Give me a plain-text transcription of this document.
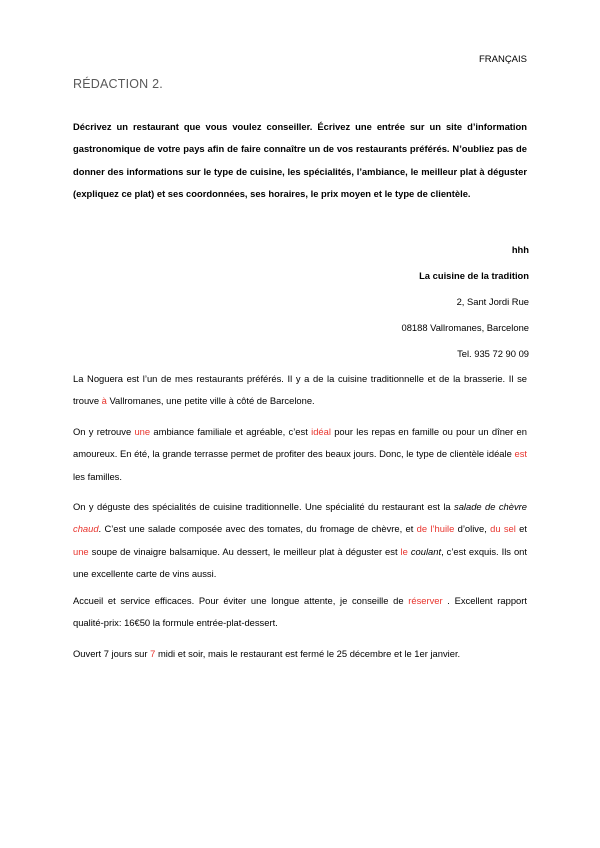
FRANÇAIS
RÉDACTION 2.

Décrivez un restaurant que vous voulez conseiller. Écrivez une entrée sur un site d’information gastronomique de votre pays afin de faire connaître un de vos restaurants préférés. N’oubliez pas de donner des informations sur le type de cuisine, les spécialités, l’ambiance, le meilleur plat à déguster (expliquez ce plat) et ses coordonnées, ses horaires, le prix moyen et le type de clientèle.

hhh
La cuisine de la tradition
2, Sant Jordi Rue
08188 Vallromanes, Barcelone
Tel. 935 72 90 09

La Noguera est l’un de mes restaurants préférés. Il y a de la cuisine traditionnelle et de la brasserie. Il se trouve à Vallromanes, une petite ville à côté de Barcelone.

On y retrouve une ambiance familiale et agréable, c’est idéal pour les repas en famille ou pour un dîner en amoureux. En été, la grande terrasse permet de profiter des beaux jours. Donc, le type de clientèle idéale est les familles.

On y déguste des spécialités de cuisine traditionnelle. Une spécialité du restaurant est la salade de chèvre chaud. C’est une salade composée avec des tomates, du fromage de chèvre, et de l’huile d’olive, du sel et une soupe de vinaigre balsamique. Au dessert, le meilleur plat à déguster est le coulant, c’est exquis. Ils ont une excellente carte de vins aussi.

Accueil et service efficaces. Pour éviter une longue attente, je conseille de réserver . Excellent rapport qualité-prix: 16€50 la formule entrée-plat-dessert.

Ouvert 7 jours sur 7 midi et soir, mais le restaurant est fermé le 25 décembre et le 1er janvier.
